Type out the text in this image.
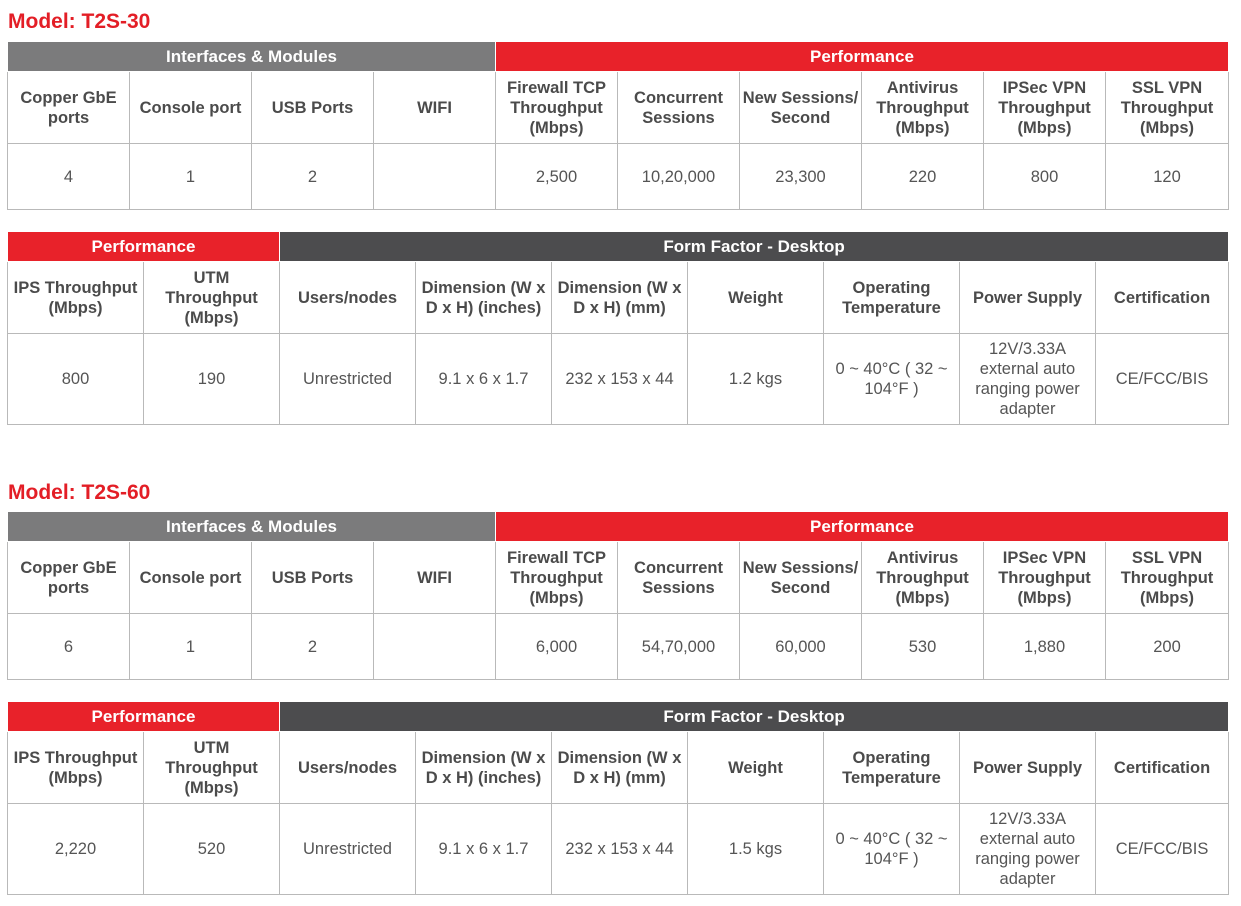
Model: T2S-30
Interfaces & Modules				Performance					
Copper GbE ports	Console port	USB Ports	WIFI	Firewall TCP Throughput (Mbps)	Concurrent Sessions	New Sessions/ Second	Antivirus Throughput (Mbps)	IPSec VPN Throughput (Mbps)	SSL VPN Throughput (Mbps)
4	1	2		2,500	10,20,000	23,300	220	800	120
Performance		Form Factor - Desktop						
IPS Throughput (Mbps)	UTM Throughput (Mbps)	Users/nodes	Dimension (W x D x H) (inches)	Dimension (W x D x H) (mm)	Weight	Operating Temperature	Power Supply	Certification
800	190	Unrestricted	9.1 x 6 x 1.7	232 x 153 x 44	1.2 kgs	0 ~ 40°C ( 32 ~ 104°F )	12V/3.33A external auto ranging power adapter	CE/FCC/BIS
Model: T2S-60
Interfaces & Modules				Performance					
Copper GbE ports	Console port	USB Ports	WIFI	Firewall TCP Throughput (Mbps)	Concurrent Sessions	New Sessions/ Second	Antivirus Throughput (Mbps)	IPSec VPN Throughput (Mbps)	SSL VPN Throughput (Mbps)
6	1	2		6,000	54,70,000	60,000	530	1,880	200
Performance		Form Factor - Desktop						
IPS Throughput (Mbps)	UTM Throughput (Mbps)	Users/nodes	Dimension (W x D x H) (inches)	Dimension (W x D x H) (mm)	Weight	Operating Temperature	Power Supply	Certification
2,220	520	Unrestricted	9.1 x 6 x 1.7	232 x 153 x 44	1.5 kgs	0 ~ 40°C ( 32 ~ 104°F )	12V/3.33A external auto ranging power adapter	CE/FCC/BIS
